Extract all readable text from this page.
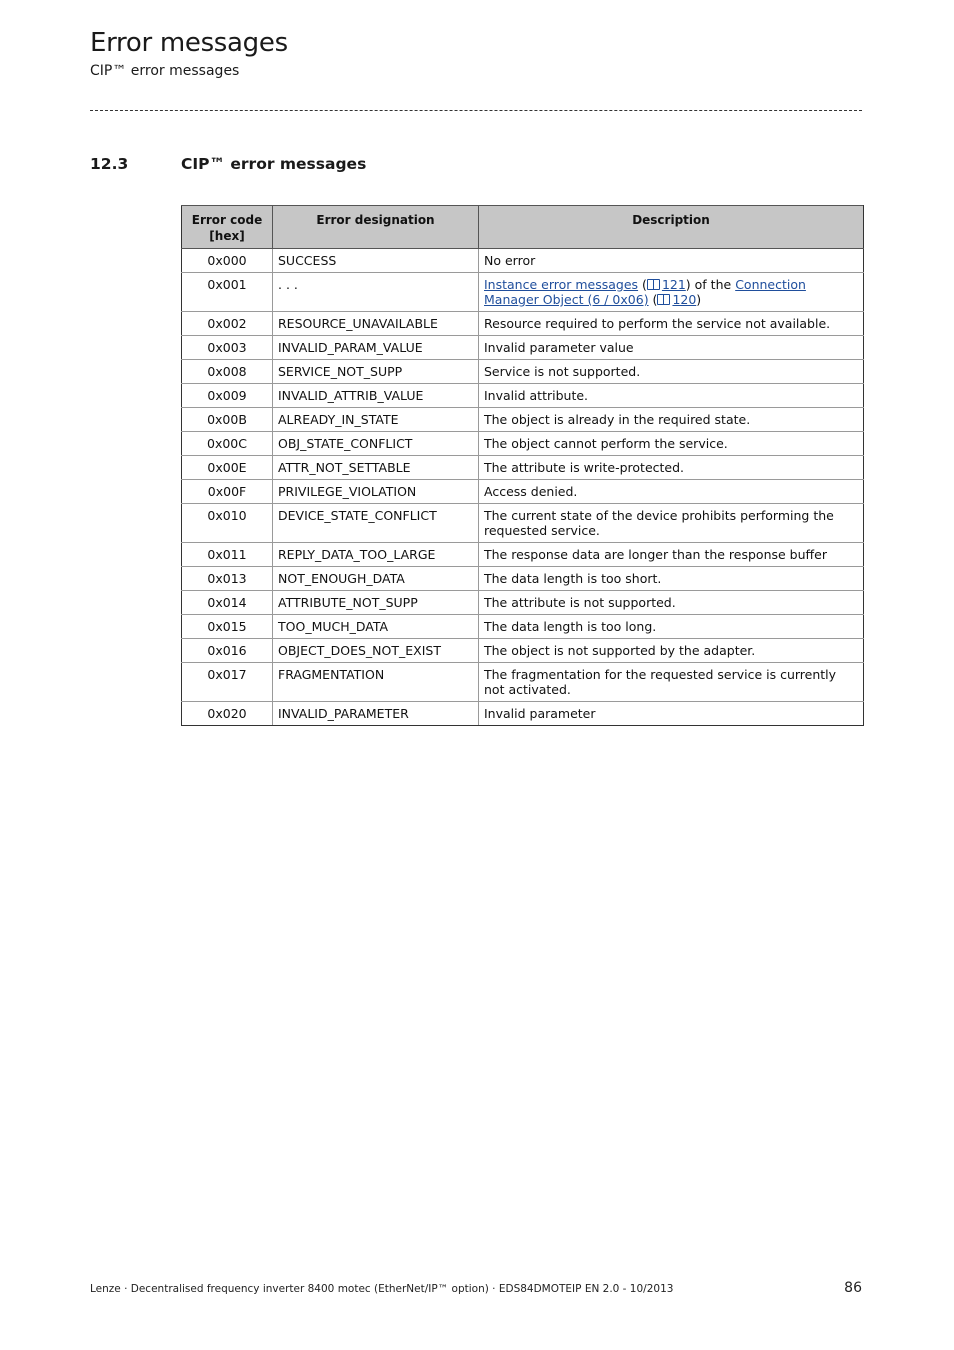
Error messages
CIP™ error messages
12.3	CIP™ error messages
Error code [hex]	Error designation	Description
0x000	SUCCESS	No error
0x001	. . .	Instance error messages ( 121) of the Connection Manager Object (6 / 0x06) ( 120)
0x002	RESOURCE_UNAVAILABLE	Resource required to perform the service not available.
0x003	INVALID_PARAM_VALUE	Invalid parameter value
0x008	SERVICE_NOT_SUPP	Service is not supported.
0x009	INVALID_ATTRIB_VALUE	Invalid attribute.
0x00B	ALREADY_IN_STATE	The object is already in the required state.
0x00C	OBJ_STATE_CONFLICT	The object cannot perform the service.
0x00E	ATTR_NOT_SETTABLE	The attribute is write-protected.
0x00F	PRIVILEGE_VIOLATION	Access denied.
0x010	DEVICE_STATE_CONFLICT	The current state of the device prohibits performing the requested service.
0x011	REPLY_DATA_TOO_LARGE	The response data are longer than the response buffer
0x013	NOT_ENOUGH_DATA	The data length is too short.
0x014	ATTRIBUTE_NOT_SUPP	The attribute is not supported.
0x015	TOO_MUCH_DATA	The data length is too long.
0x016	OBJECT_DOES_NOT_EXIST	The object is not supported by the adapter.
0x017	FRAGMENTATION	The fragmentation for the requested service is currently not activated.
0x020	INVALID_PARAMETER	Invalid parameter
Lenze · Decentralised frequency inverter 8400 motec (EtherNet/IP™ option) · EDS84DMOTEIP EN 2.0 - 10/2013	86
